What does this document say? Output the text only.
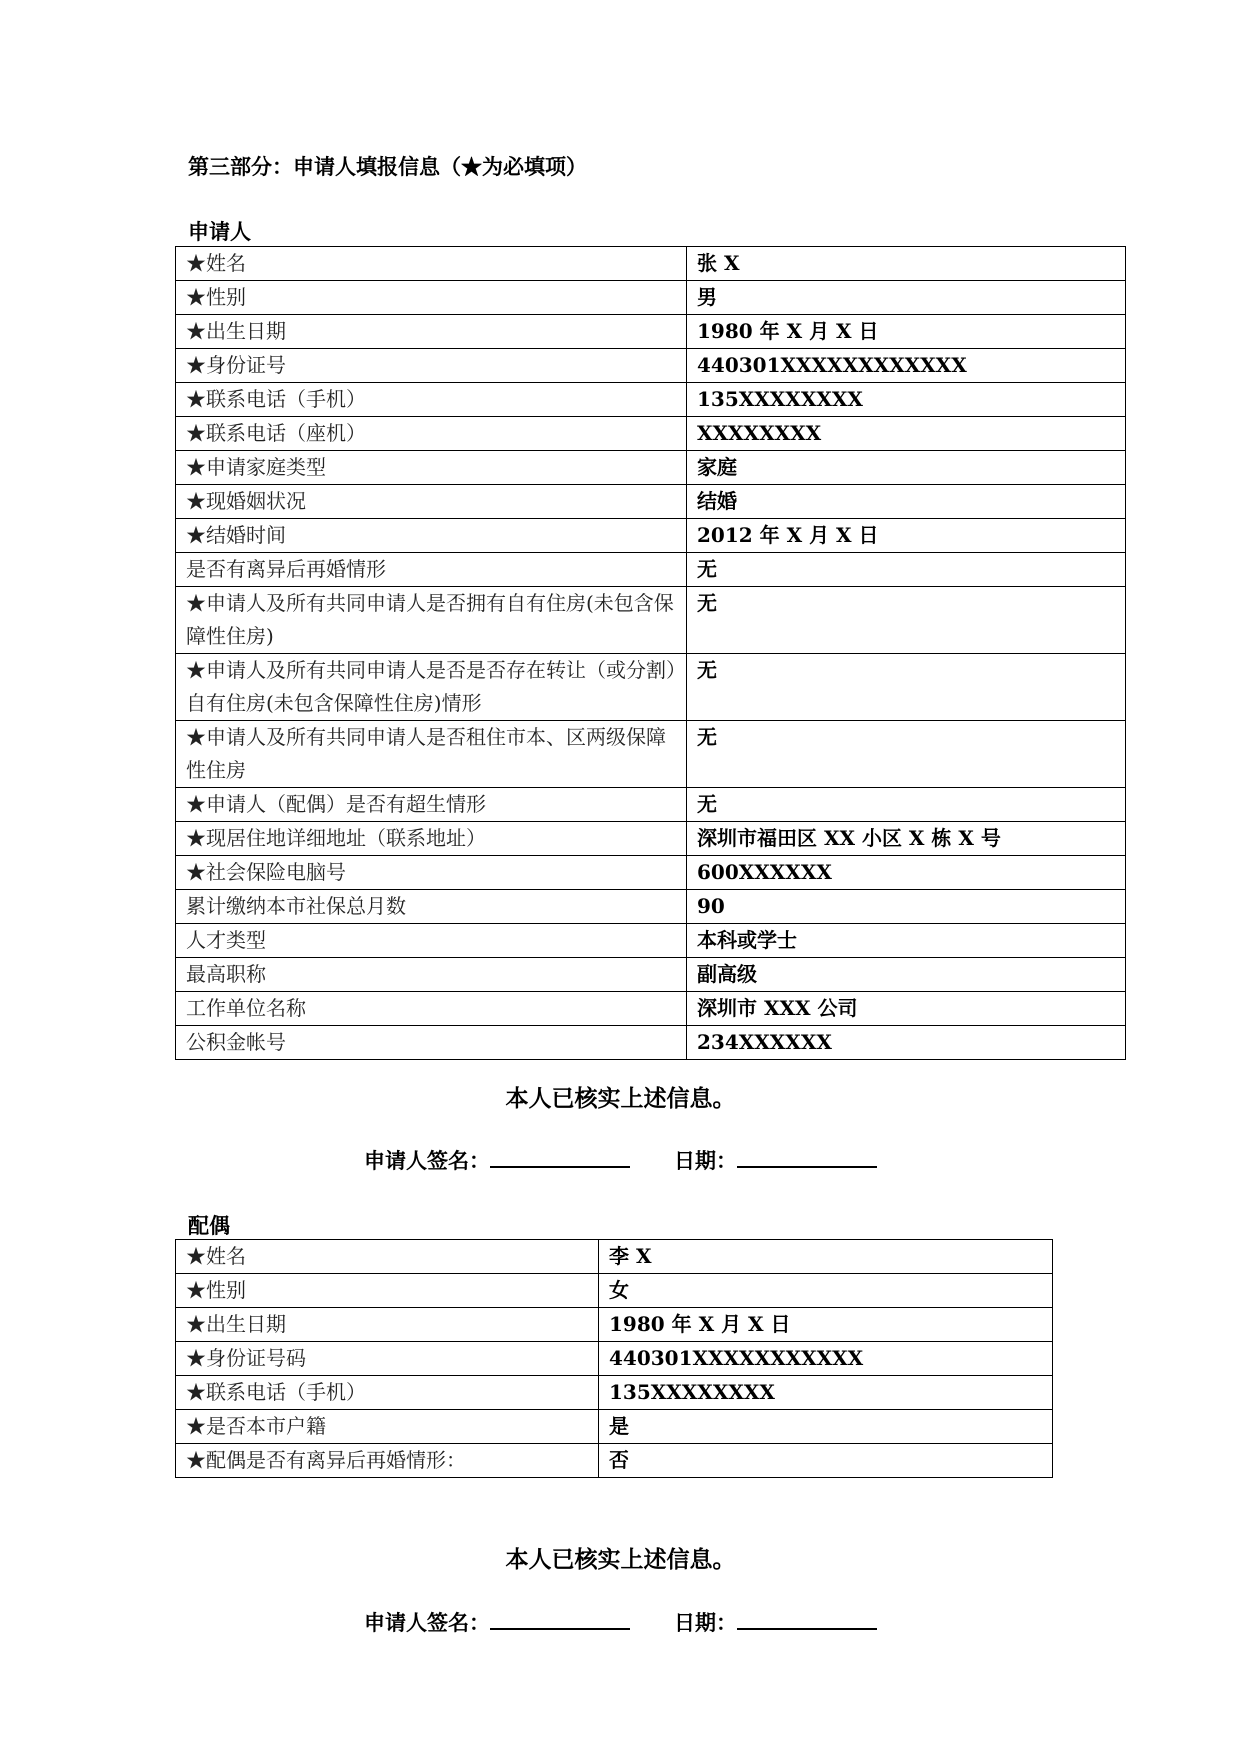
第三部分：申请人填报信息（★为必填项）
申请人
★姓名	张 X
★性别	男
★出生日期	1980 年 X 月 X 日
★身份证号	440301XXXXXXXXXXXX
★联系电话（手机）	135XXXXXXXX
★联系电话（座机）	XXXXXXXX
★申请家庭类型	家庭
★现婚姻状况	结婚
★结婚时间	2012 年 X 月 X 日
是否有离异后再婚情形	无
★申请人及所有共同申请人是否拥有自有住房(未包含保障性住房)	无
★申请人及所有共同申请人是否是否存在转让（或分割）自有住房(未包含保障性住房)情形	无
★申请人及所有共同申请人是否租住市本、区两级保障性住房	无
★申请人（配偶）是否有超生情形	无
★现居住地详细地址（联系地址）	深圳市福田区 XX 小区 X 栋 X 号
★社会保险电脑号	600XXXXXX
累计缴纳本市社保总月数	90
人才类型	本科或学士
最高职称	副高级
工作单位名称	深圳市 XXX 公司
公积金帐号	234XXXXXX
本人已核实上述信息。
申请人签名：	日期：
配偶
★姓名	李 X
★性别	女
★出生日期	1980 年 X 月 X 日
★身份证号码	440301XXXXXXXXXXX
★联系电话（手机）	135XXXXXXXX
★是否本市户籍	是
★配偶是否有离异后再婚情形：	否
本人已核实上述信息。
申请人签名：	日期：
